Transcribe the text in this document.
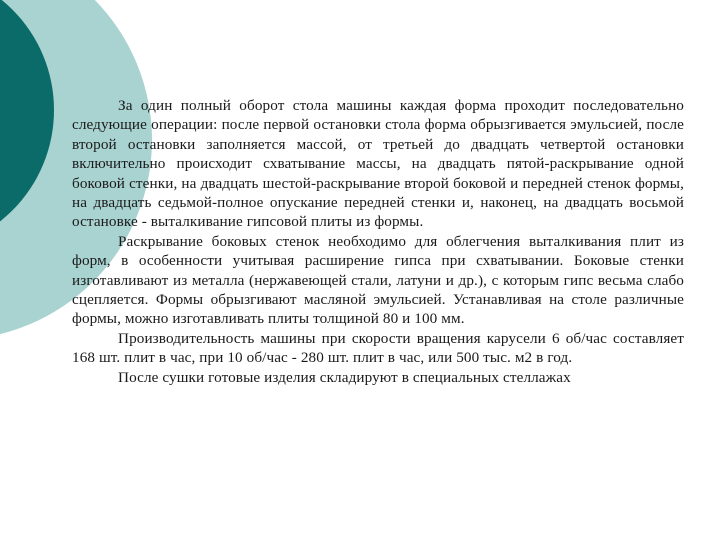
За один полный оборот стола машины каждая форма проходит последовательно следующие операции: после первой остановки стола форма обрызгивается эмульсией, после второй остановки заполняется массой, от третьей до двадцать четвертой остановки включительно происходит схватывание массы, на двадцать пятой-раскрывание одной боковой стенки, на двадцать шестой-раскрывание второй боковой и передней стенок формы, на двадцать седьмой-полное опускание передней стенки и, наконец, на двадцать восьмой остановке - выталкивание гипсовой плиты из формы.

Раскрывание боковых стенок необходимо для облегчения выталкивания плит из форм, в особенности учитывая расширение гипса при схватывании. Боковые стенки изготавливают из металла (нержавеющей стали, латуни и др.), с которым гипс весьма слабо сцепляется. Формы обрызгивают масляной эмульсией. Устанавливая на столе различные формы, можно изготавливать плиты толщиной 80 и 100 мм.

Производительность машины при скорости вращения карусели 6 об/час составляет 168 шт. плит в час, при 10 об/час - 280 шт. плит в час, или 500 тыс. м2 в год.

После сушки готовые изделия складируют в специальных стеллажах
